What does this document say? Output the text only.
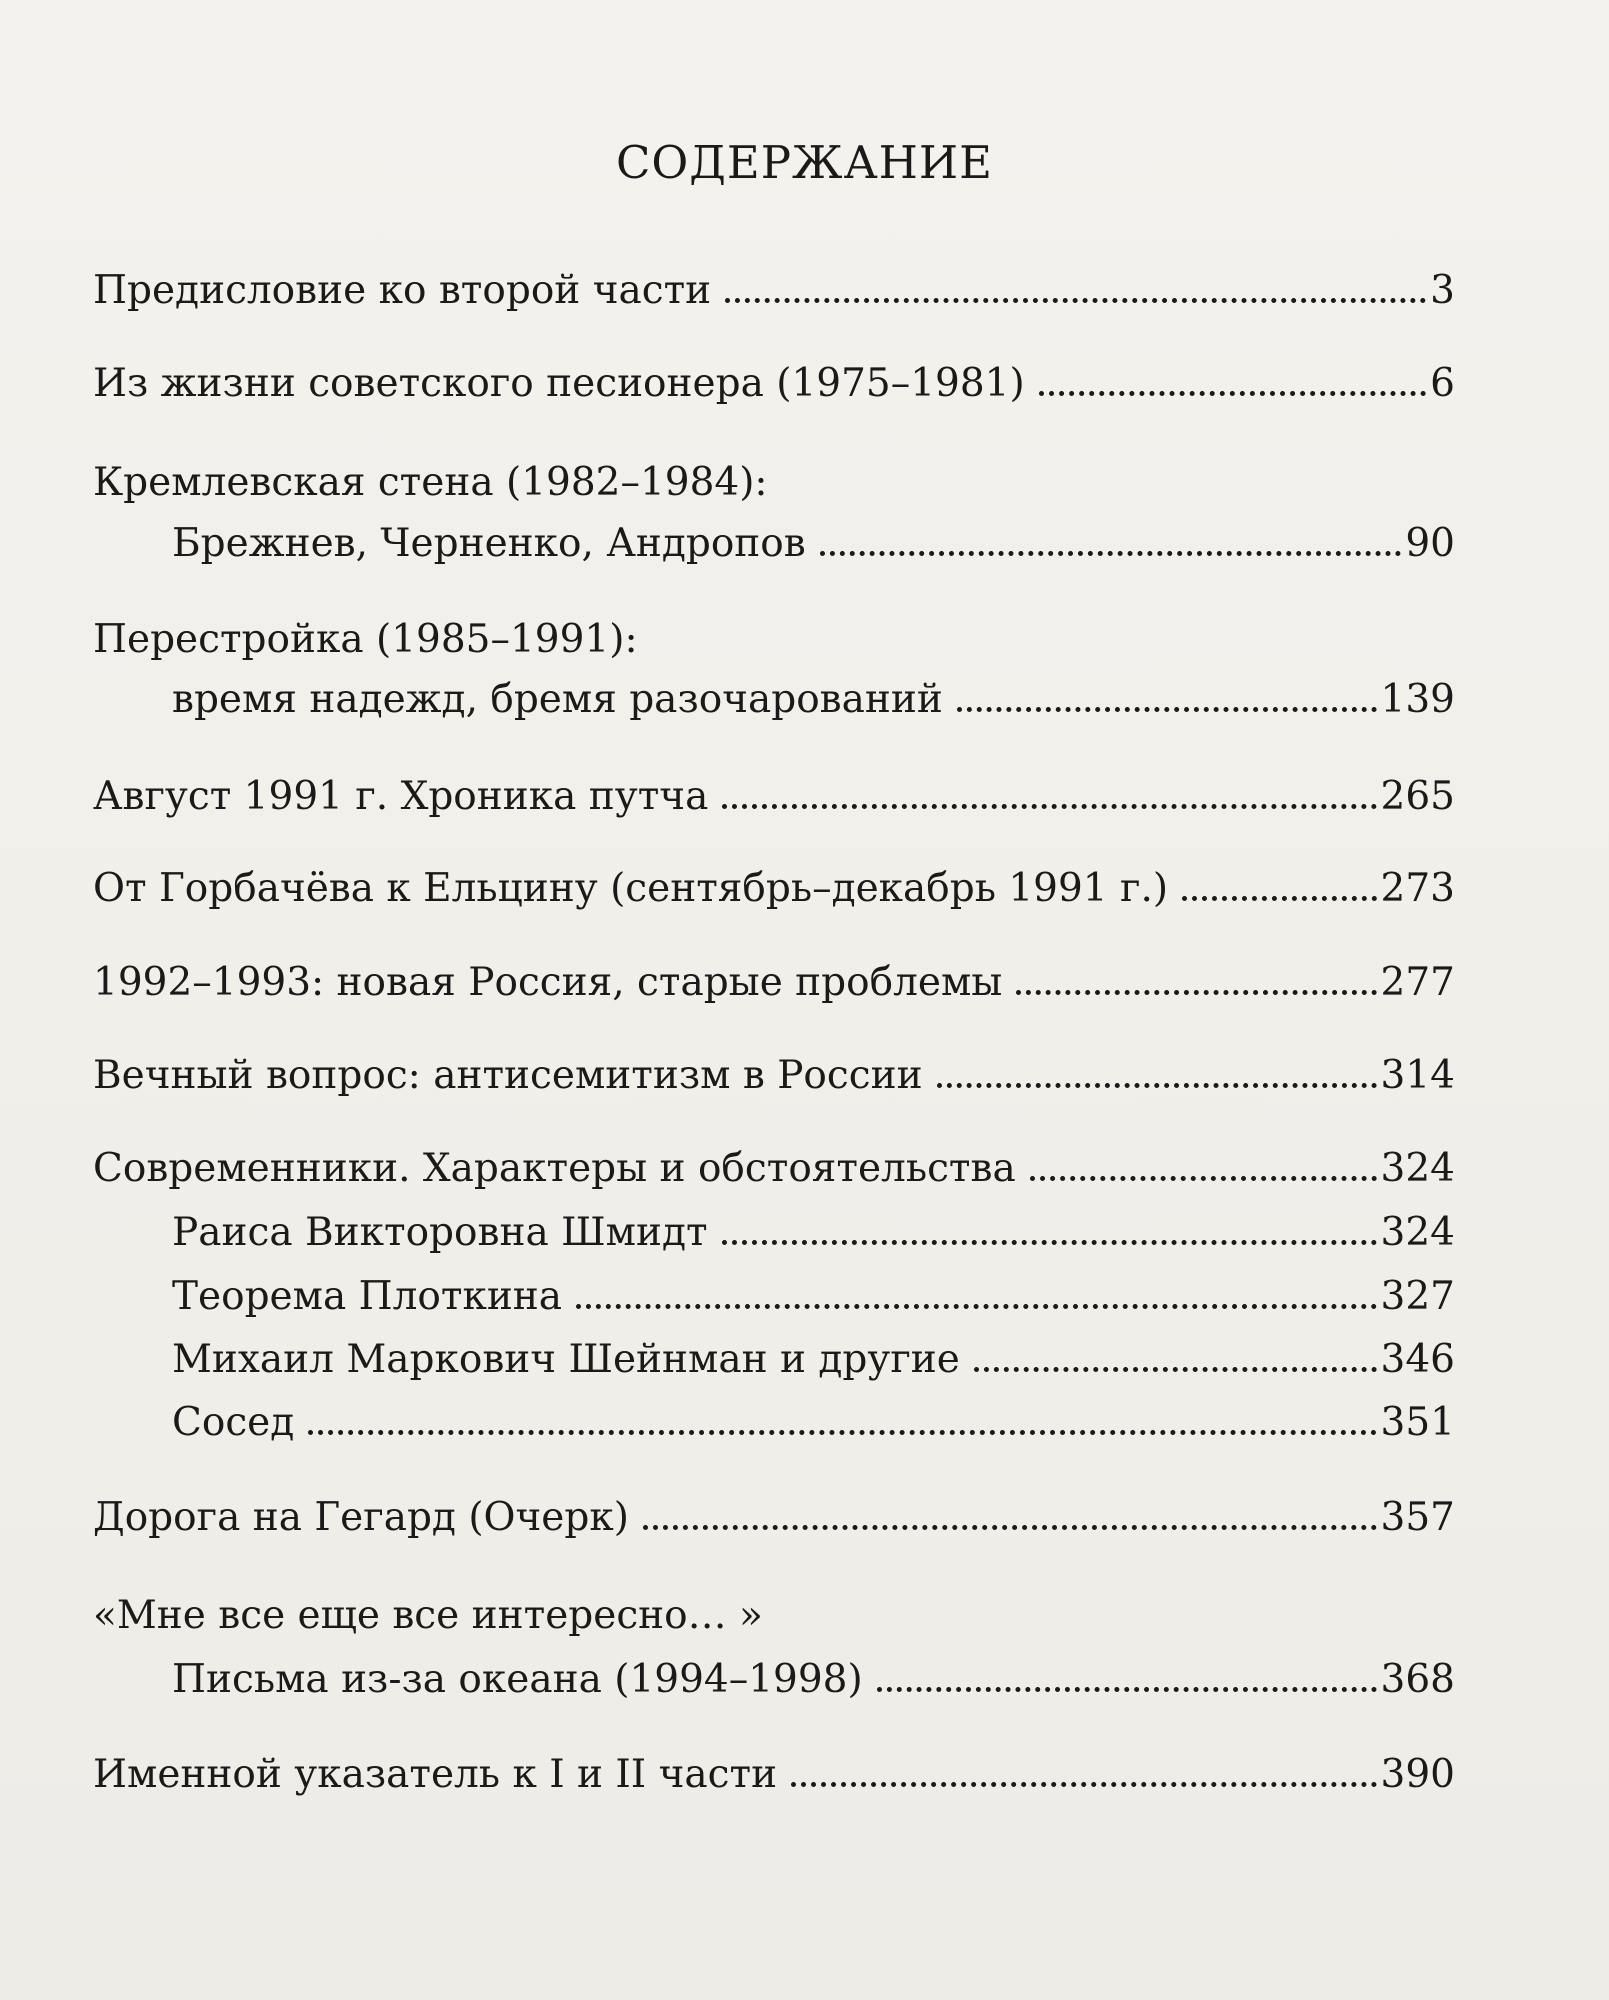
СОДЕРЖАНИЕ
Предисловие ко второй части	3
Из жизни советского песионера (1975–1981)	6
Кремлевская стена (1982–1984):
Брежнев, Черненко, Андропов	90
Перестройка (1985–1991):
время надежд, бремя разочарований	139
Август 1991 г. Хроника путча	265
От Горбачёва к Ельцину (сентябрь–декабрь 1991 г.)	273
1992–1993: новая Россия, старые проблемы	277
Вечный вопрос: антисемитизм в России	314
Современники. Характеры и обстоятельства	324
Раиса Викторовна Шмидт	324
Теорема Плоткина	327
Михаил Маркович Шейнман и другие	346
Сосед	351
Дорога на Гегард (Очерк)	357
«Мне все еще все интересно… »
Письма из-за океана (1994–1998)	368
Именной указатель к I и II части	390
